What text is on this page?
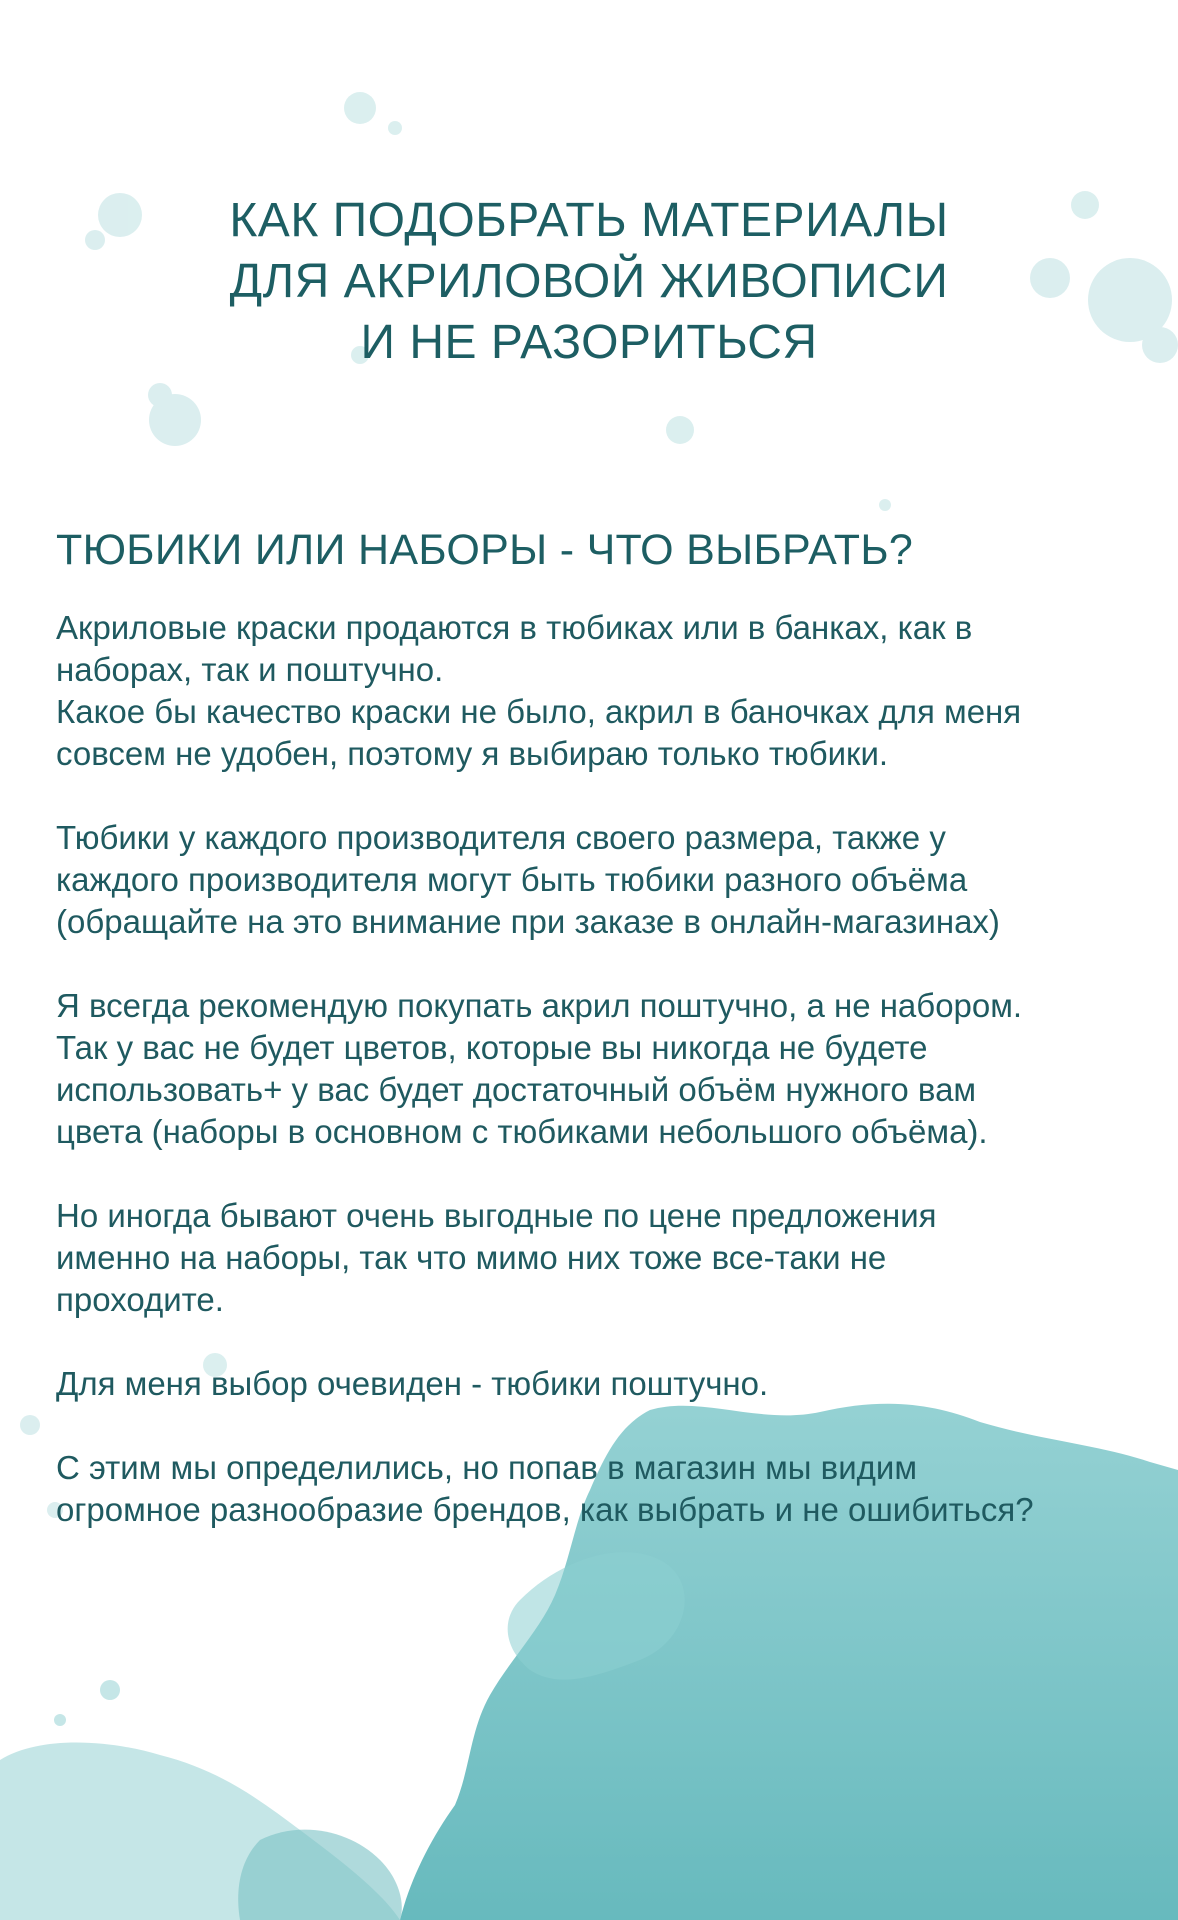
КАК ПОДОБРАТЬ МАТЕРИАЛЫ
ДЛЯ АКРИЛОВОЙ ЖИВОПИСИ
И НЕ РАЗОРИТЬСЯ
ТЮБИКИ ИЛИ НАБОРЫ - ЧТО ВЫБРАТЬ?

Акриловые краски продаются в тюбиках или в банках, как в
наборах, так и поштучно.
Какое бы качество краски не было, акрил в баночках для меня
совсем не удобен, поэтому я выбираю только тюбики.

Тюбики у каждого производителя своего размера, также у
каждого производителя могут быть тюбики разного объёма
(обращайте на это внимание при заказе в онлайн-магазинах)

Я всегда рекомендую покупать акрил поштучно, а не набором.
Так у вас не будет цветов, которые вы никогда не будете
использовать+ у вас будет достаточный объём нужного вам
цвета (наборы в основном с тюбиками небольшого объёма).

Но иногда бывают очень выгодные по цене предложения
именно на наборы, так что мимо них тоже все-таки не
проходите.

Для меня выбор очевиден - тюбики поштучно.

С этим мы определились, но попав в магазин мы видим
огромное разнообразие брендов, как выбрать и не ошибиться?
